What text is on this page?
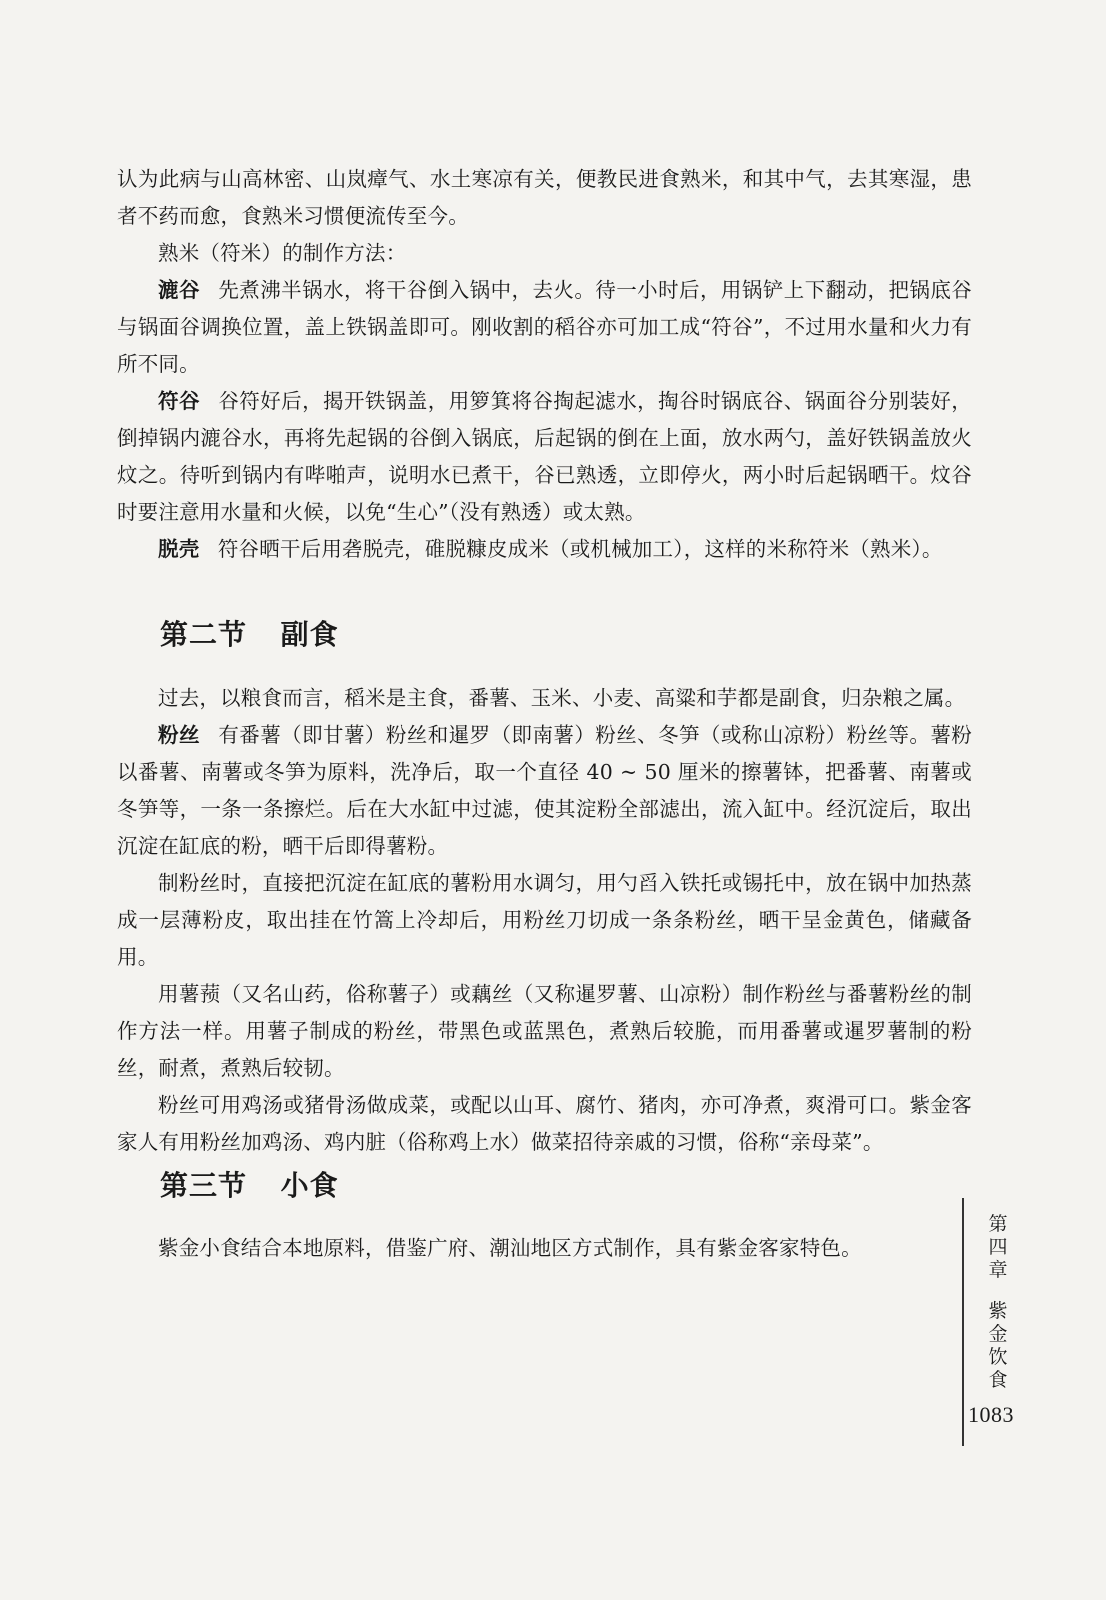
认为此病与山高林密、山岚瘴气、水土寒凉有关，便教民进食熟米，和其中气，去其寒湿，患者不药而愈，食熟米习惯便流传至今。

熟米（符米）的制作方法：

漉谷 先煮沸半锅水，将干谷倒入锅中，去火。待一小时后，用锅铲上下翻动，把锅底谷与锅面谷调换位置，盖上铁锅盖即可。刚收割的稻谷亦可加工成“符谷”，不过用水量和火力有所不同。

符谷 谷符好后，揭开铁锅盖，用箩箕将谷掏起滤水，掏谷时锅底谷、锅面谷分别装好，倒掉锅内漉谷水，再将先起锅的谷倒入锅底，后起锅的倒在上面，放水两勺，盖好铁锅盖放火炆之。待听到锅内有哔啪声，说明水已煮干，谷已熟透，立即停火，两小时后起锅晒干。炆谷时要注意用水量和火候，以免“生心”（没有熟透）或太熟。

脱壳 符谷晒干后用砻脱壳，碓脱糠皮成米（或机械加工），这样的米称符米（熟米）。

第二节 副食

过去，以粮食而言，稻米是主食，番薯、玉米、小麦、高粱和芋都是副食，归杂粮之属。

粉丝 有番薯（即甘薯）粉丝和暹罗（即南薯）粉丝、冬笋（或称山凉粉）粉丝等。薯粉以番薯、南薯或冬笋为原料，洗净后，取一个直径 40 ~ 50 厘米的擦薯钵，把番薯、南薯或冬笋等，一条一条擦烂。后在大水缸中过滤，使其淀粉全部滤出，流入缸中。经沉淀后，取出沉淀在缸底的粉，晒干后即得薯粉。

制粉丝时，直接把沉淀在缸底的薯粉用水调匀，用勺舀入铁托或锡托中，放在锅中加热蒸成一层薄粉皮，取出挂在竹篙上冷却后，用粉丝刀切成一条条粉丝，晒干呈金黄色，储藏备用。

用薯蓣（又名山药，俗称薯子）或藕丝（又称暹罗薯、山凉粉）制作粉丝与番薯粉丝的制作方法一样。用薯子制成的粉丝，带黑色或蓝黑色，煮熟后较脆，而用番薯或暹罗薯制的粉丝，耐煮，煮熟后较韧。

粉丝可用鸡汤或猪骨汤做成菜，或配以山耳、腐竹、猪肉，亦可净煮，爽滑可口。紫金客家人有用粉丝加鸡汤、鸡内脏（俗称鸡上水）做菜招待亲戚的习惯，俗称“亲母菜”。

第三节 小食

紫金小食结合本地原料，借鉴广府、潮汕地区方式制作，具有紫金客家特色。

第
四
章
紫
金
饮
食
1083
